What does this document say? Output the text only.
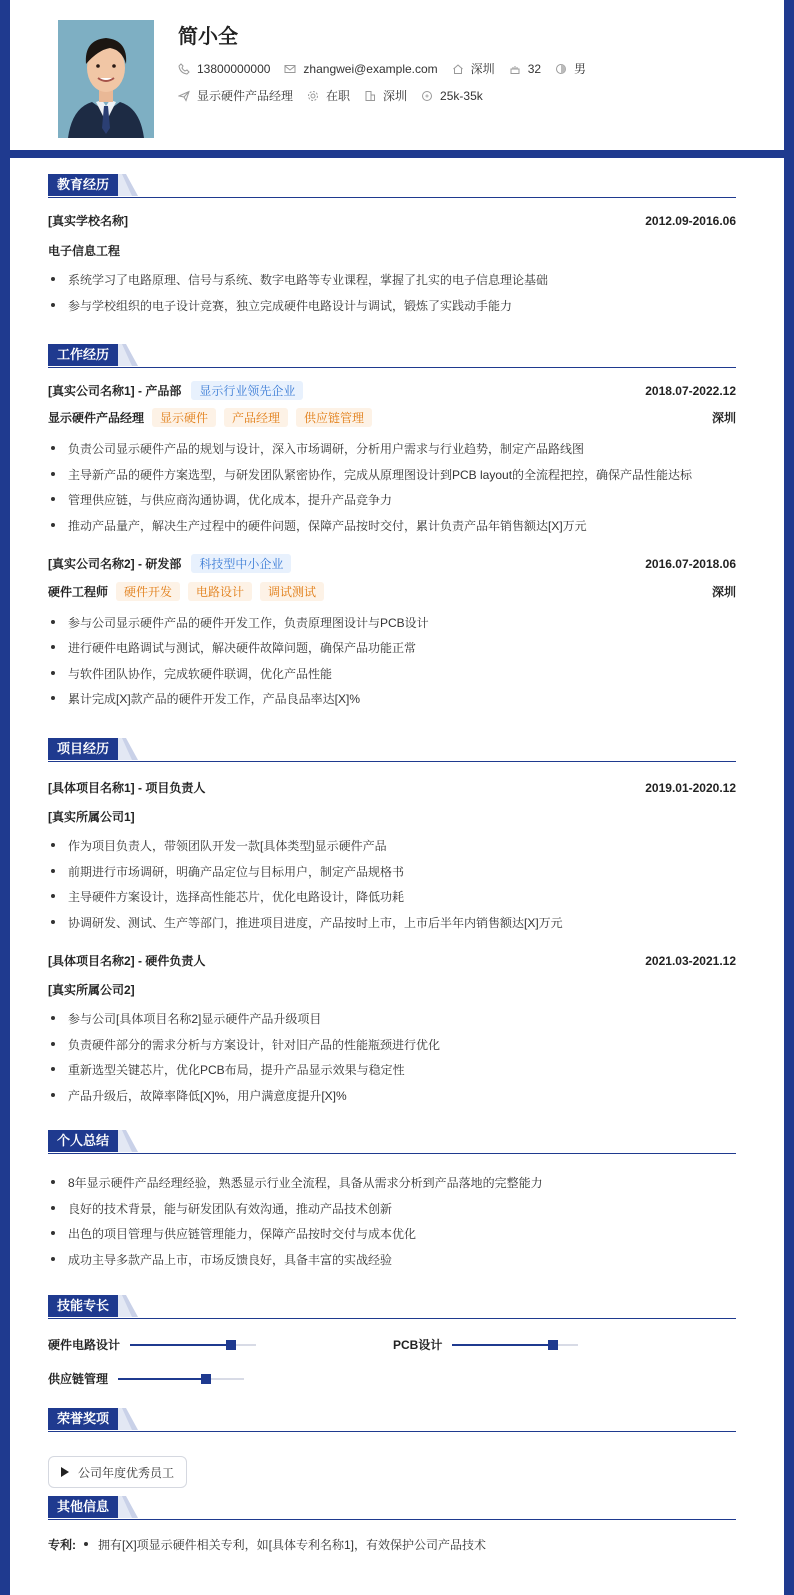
简小全
13800000000	zhangwei@example.com	深圳	32	男
显示硬件产品经理	在职	深圳	25k-35k
教育经历
[真实学校名称]	2012.09-2016.06
电子信息工程
系统学习了电路原理、信号与系统、数字电路等专业课程，掌握了扎实的电子信息理论基础
参与学校组织的电子设计竞赛，独立完成硬件电路设计与调试，锻炼了实践动手能力
工作经历
[真实公司名称1] - 产品部	显示行业领先企业	2018.07-2022.12
显示硬件产品经理	显示硬件	产品经理	供应链管理	深圳
负责公司显示硬件产品的规划与设计，深入市场调研，分析用户需求与行业趋势，制定产品路线图
主导新产品的硬件方案选型，与研发团队紧密协作，完成从原理图设计到PCB layout的全流程把控，确保产品性能达标
管理供应链，与供应商沟通协调，优化成本，提升产品竞争力
推动产品量产，解决生产过程中的硬件问题，保障产品按时交付，累计负责产品年销售额达[X]万元
[真实公司名称2] - 研发部	科技型中小企业	2016.07-2018.06
硬件工程师	硬件开发	电路设计	调试测试	深圳
参与公司显示硬件产品的硬件开发工作，负责原理图设计与PCB设计
进行硬件电路调试与测试，解决硬件故障问题，确保产品功能正常
与软件团队协作，完成软硬件联调，优化产品性能
累计完成[X]款产品的硬件开发工作，产品良品率达[X]%
项目经历
[具体项目名称1] - 项目负责人	2019.01-2020.12
[真实所属公司1]
作为项目负责人，带领团队开发一款[具体类型]显示硬件产品
前期进行市场调研，明确产品定位与目标用户，制定产品规格书
主导硬件方案设计，选择高性能芯片，优化电路设计，降低功耗
协调研发、测试、生产等部门，推进项目进度，产品按时上市，上市后半年内销售额达[X]万元
[具体项目名称2] - 硬件负责人	2021.03-2021.12
[真实所属公司2]
参与公司[具体项目名称2]显示硬件产品升级项目
负责硬件部分的需求分析与方案设计，针对旧产品的性能瓶颈进行优化
重新选型关键芯片，优化PCB布局，提升产品显示效果与稳定性
产品升级后，故障率降低[X]%，用户满意度提升[X]%
个人总结
8年显示硬件产品经理经验，熟悉显示行业全流程，具备从需求分析到产品落地的完整能力
良好的技术背景，能与研发团队有效沟通，推动产品技术创新
出色的项目管理与供应链管理能力，保障产品按时交付与成本优化
成功主导多款产品上市，市场反馈良好，具备丰富的实战经验
技能专长
硬件电路设计	PCB设计
供应链管理
荣誉奖项
公司年度优秀员工
其他信息
专利:	拥有[X]项显示硬件相关专利，如[具体专利名称1]，有效保护公司产品技术
